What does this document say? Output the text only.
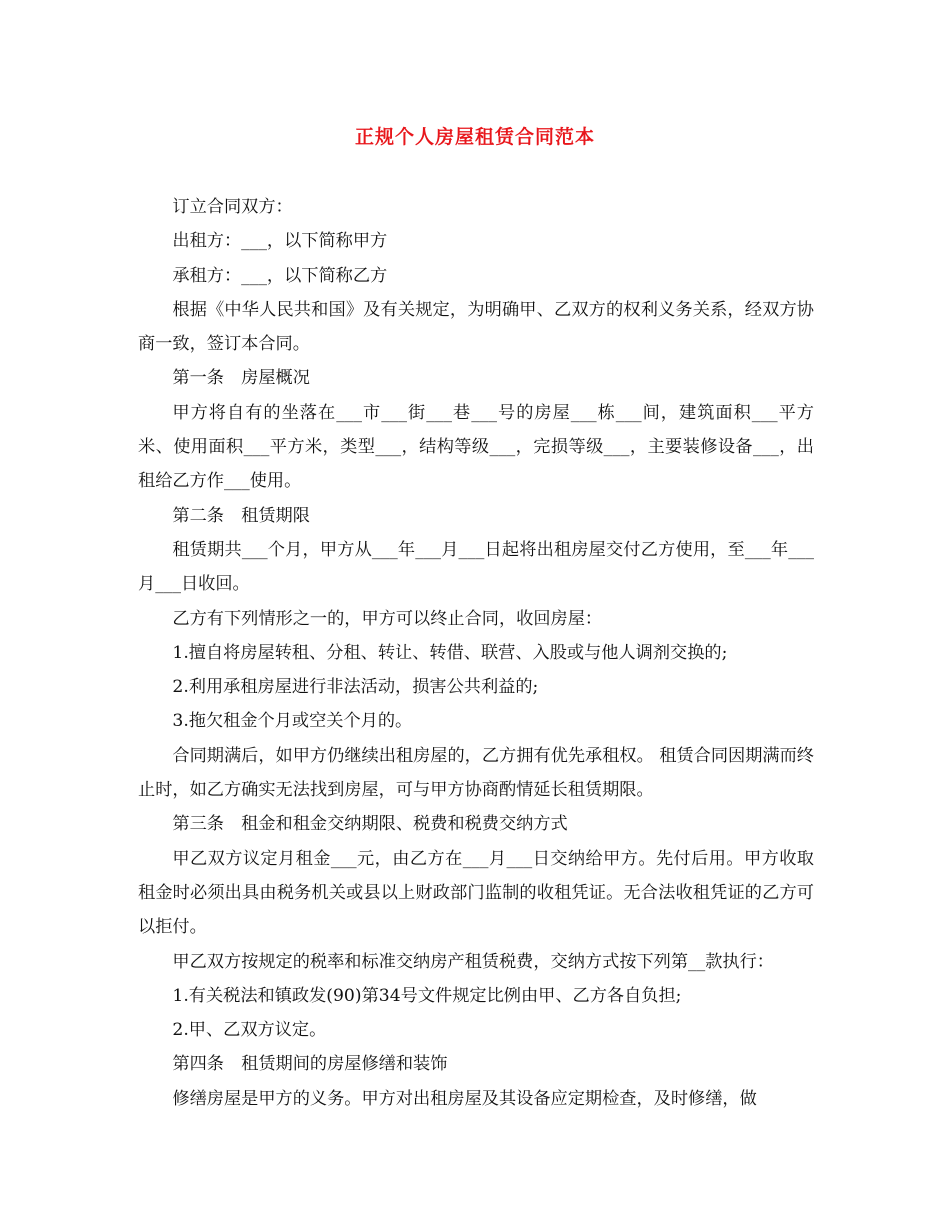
正规个人房屋租赁合同范本

订立合同双方：

出租方：___，以下简称甲方

承租方：___，以下简称乙方

根据《中华人民共和国》及有关规定，为明确甲、乙双方的权利义务关系，经双方协商一致，签订本合同。

第一条　房屋概况

甲方将自有的坐落在___市___街___巷___号的房屋___栋___间，建筑面积___平方米、使用面积___平方米，类型___，结构等级___，完损等级___，主要装修设备___，出租给乙方作___使用。

第二条　租赁期限

租赁期共___个月，甲方从___年___月___日起将出租房屋交付乙方使用，至___年___月___日收回。

乙方有下列情形之一的，甲方可以终止合同，收回房屋：

1.擅自将房屋转租、分租、转让、转借、联营、入股或与他人调剂交换的;

2.利用承租房屋进行非法活动，损害公共利益的;

3.拖欠租金个月或空关个月的。

合同期满后，如甲方仍继续出租房屋的，乙方拥有优先承租权。 租赁合同因期满而终止时，如乙方确实无法找到房屋，可与甲方协商酌情延长租赁期限。

第三条　租金和租金交纳期限、税费和税费交纳方式

甲乙双方议定月租金___元，由乙方在___月___日交纳给甲方。先付后用。甲方收取租金时必须出具由税务机关或县以上财政部门监制的收租凭证。无合法收租凭证的乙方可以拒付。

甲乙双方按规定的税率和标准交纳房产租赁税费，交纳方式按下列第__款执行：

1.有关税法和镇政发(90)第34号文件规定比例由甲、乙方各自负担;

2.甲、乙双方议定。

第四条　租赁期间的房屋修缮和装饰

修缮房屋是甲方的义务。甲方对出租房屋及其设备应定期检查，及时修缮，做
